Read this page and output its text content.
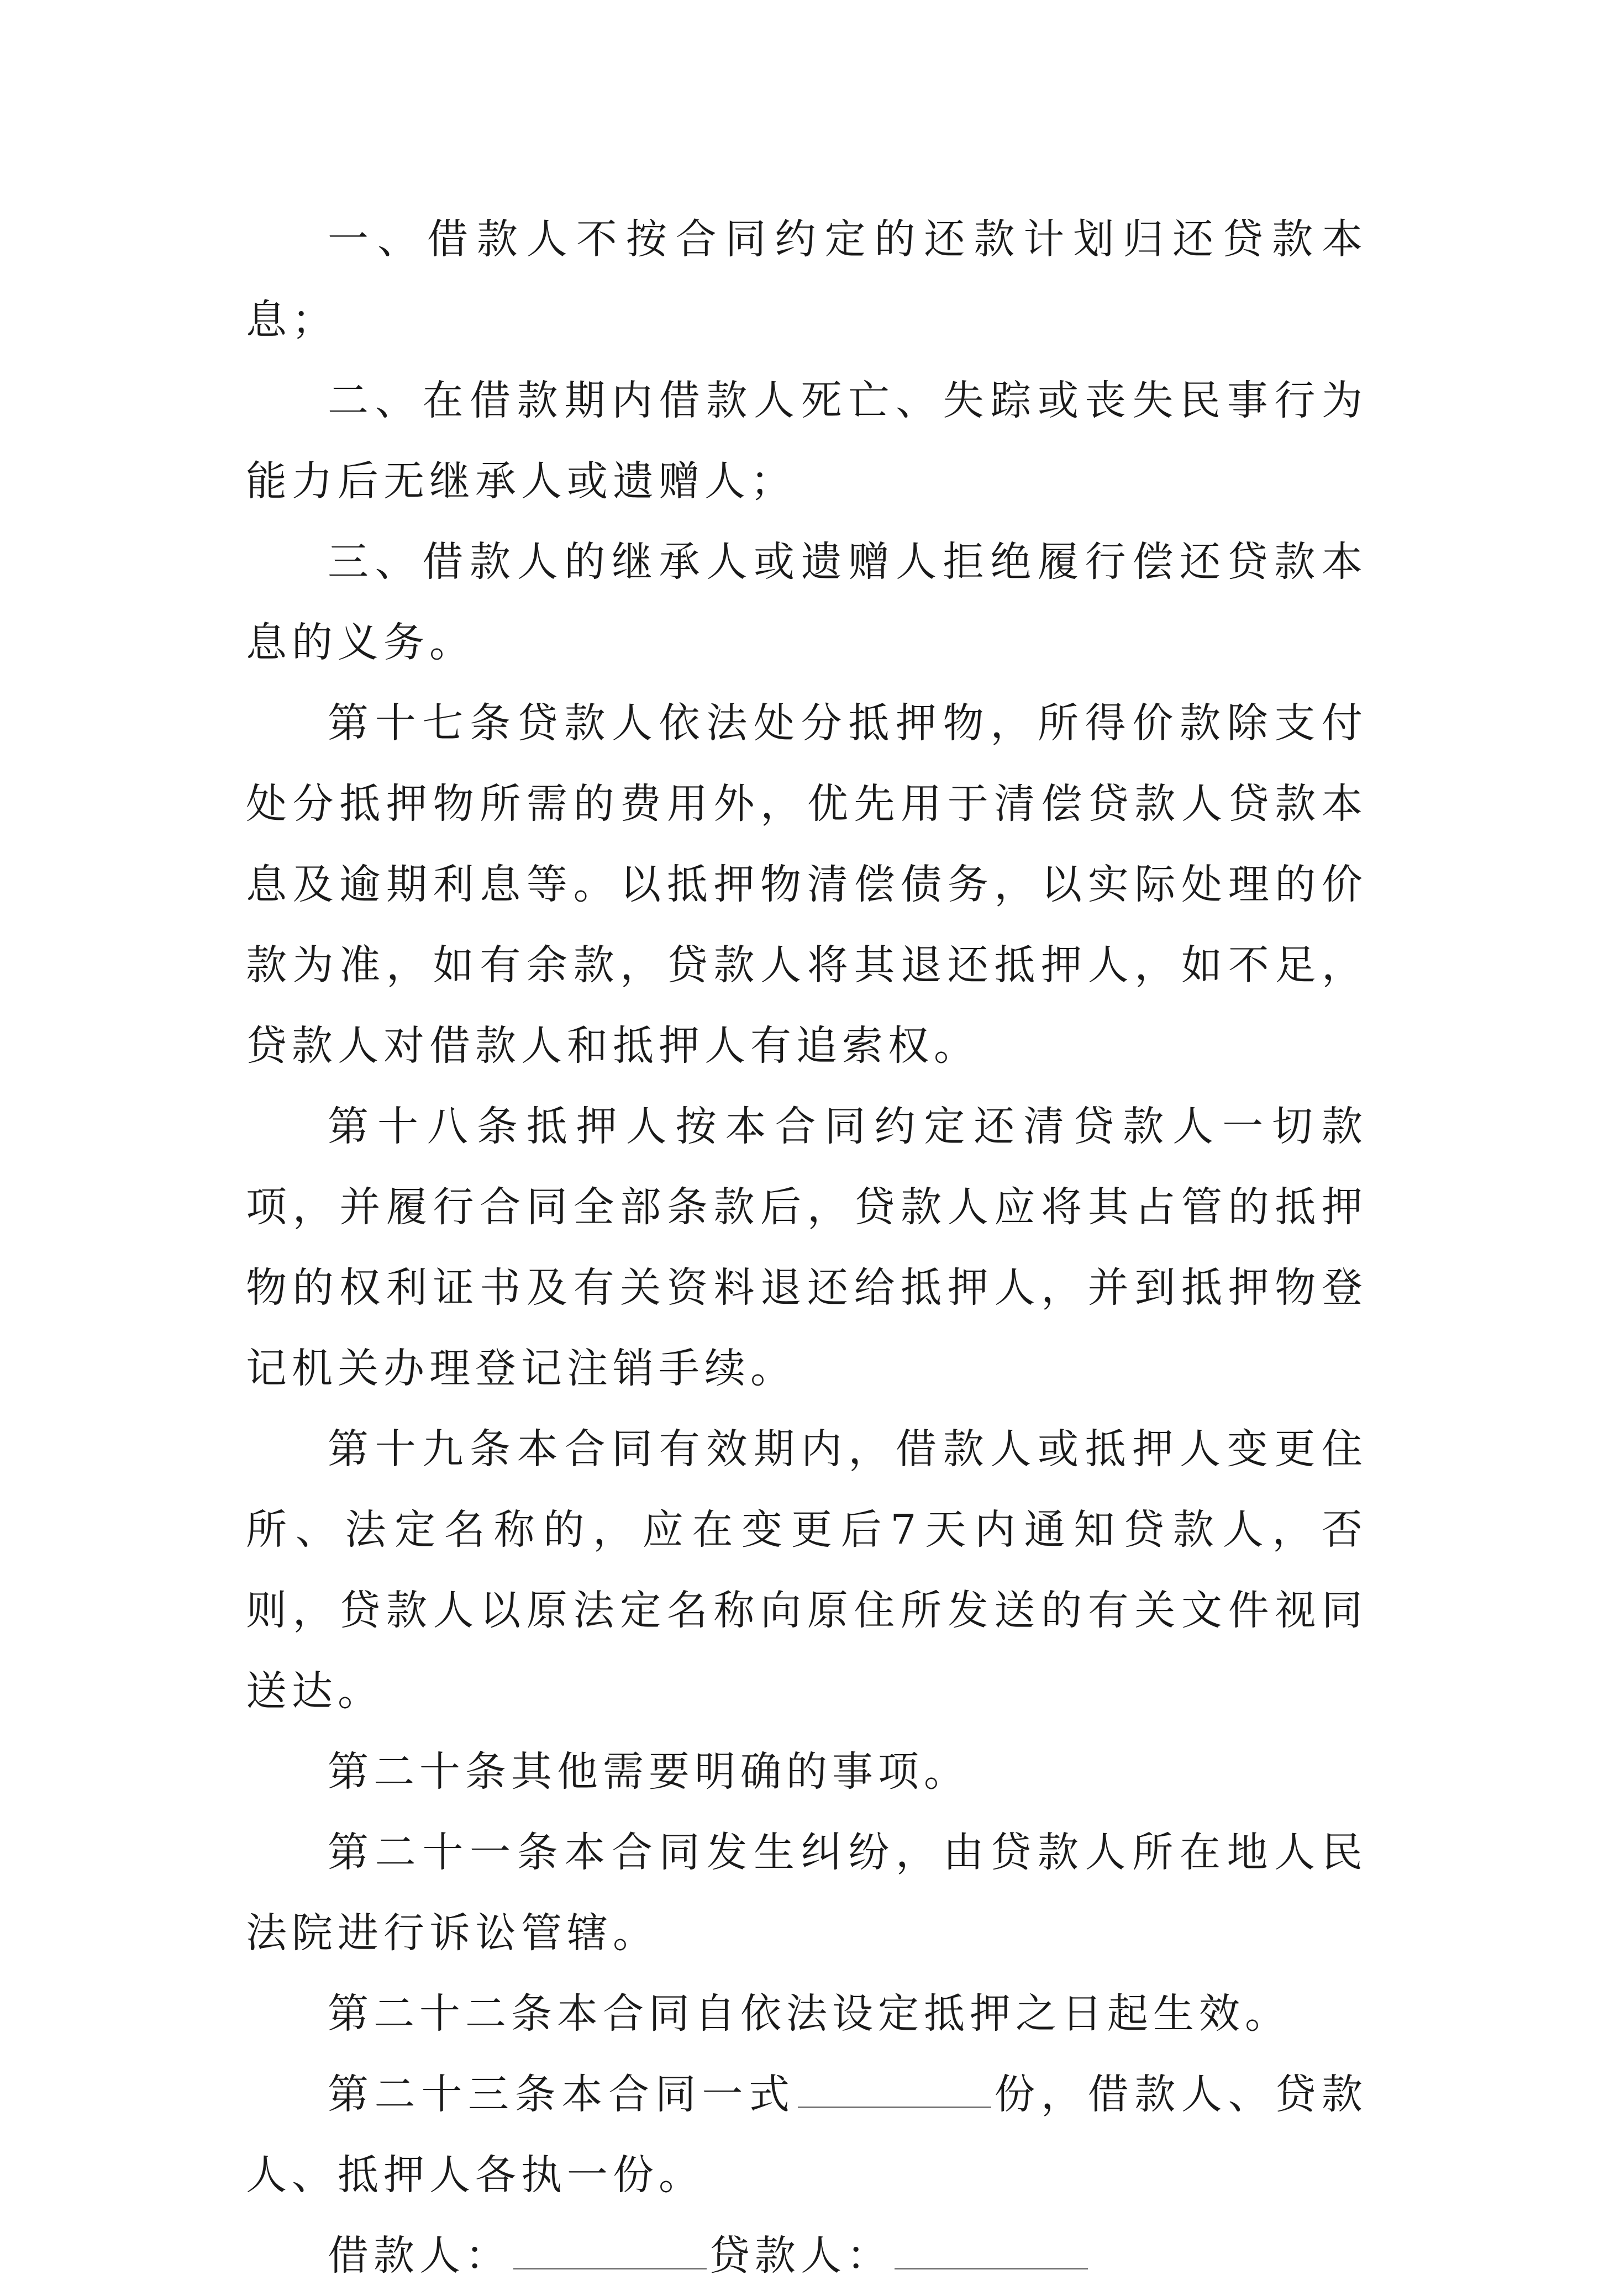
一、借款人不按合同约定的还款计划归还贷款本息；

二、在借款期内借款人死亡、失踪或丧失民事行为能力后无继承人或遗赠人；

三、借款人的继承人或遗赠人拒绝履行偿还贷款本息的义务。

第十七条贷款人依法处分抵押物，所得价款除支付处分抵押物所需的费用外，优先用于清偿贷款人贷款本息及逾期利息等。以抵押物清偿债务，以实际处理的价款为准，如有余款，贷款人将其退还抵押人，如不足，贷款人对借款人和抵押人有追索权。

第十八条抵押人按本合同约定还清贷款人一切款项，并履行合同全部条款后，贷款人应将其占管的抵押物的权利证书及有关资料退还给抵押人，并到抵押物登记机关办理登记注销手续。

第十九条本合同有效期内，借款人或抵押人变更住所、法定名称的，应在变更后7天内通知贷款人，否则，贷款人以原法定名称向原住所发送的有关文件视同送达。

第二十条其他需要明确的事项。

第二十一条本合同发生纠纷，由贷款人所在地人民法院进行诉讼管辖。

第二十二条本合同自依法设定抵押之日起生效。

第二十三条本合同一式	份，借款人、贷款人、抵押人各执一份。

借款人：	贷款人：
